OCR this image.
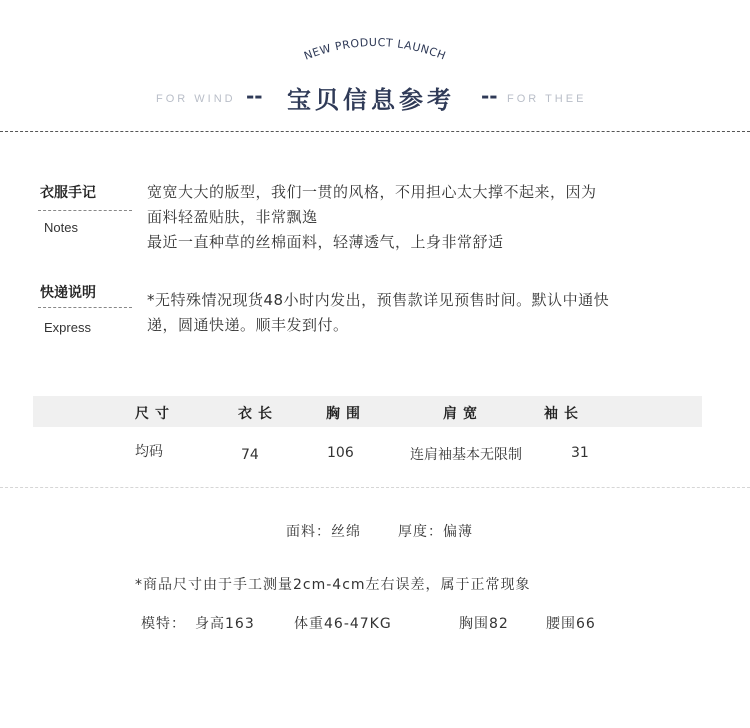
NEW PRODUCT LAUNCH
FOR WIND -- 宝贝信息参考 -- FOR THEE
衣服手记
Notes
宽宽大大的版型，我们一贯的风格，不用担心太大撑不起来，因为
面料轻盈贴肤，非常飘逸
最近一直种草的丝棉面料，轻薄透气，上身非常舒适
快递说明
Express
*无特殊情况现货48小时内发出，预售款详见预售时间。默认中通快
递，圆通快递。顺丰发到付。
尺寸	衣长	胸围	肩宽	袖长
均码	74	106	连肩袖基本无限制	31
面料：丝绵	厚度：偏薄
*商品尺寸由于手工测量2cm-4cm左右误差，属于正常现象
模特： 身高163	体重46-47KG	胸围82	腰围66
